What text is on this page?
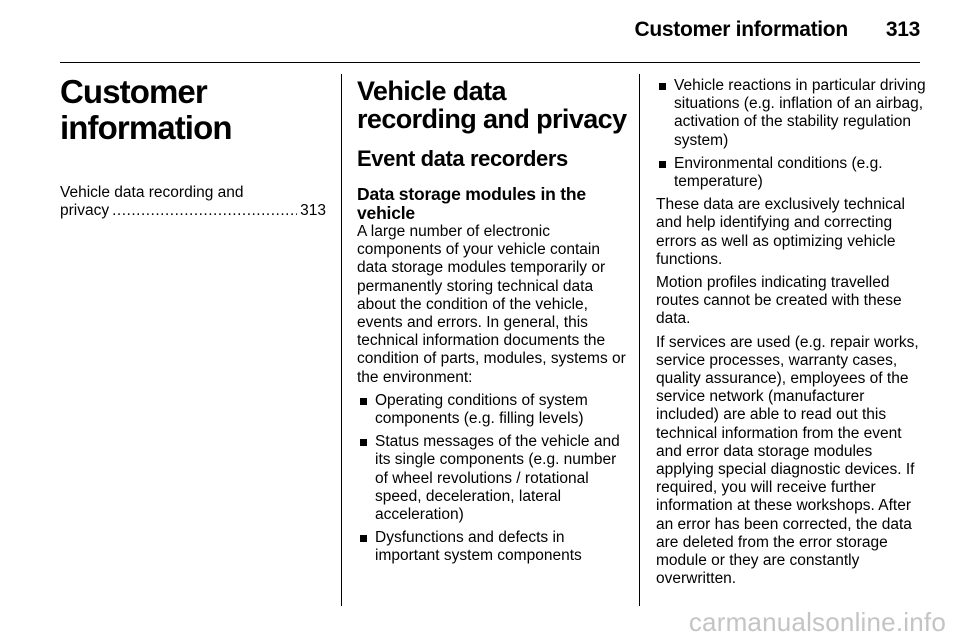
Customer information 313
Customer information
Vehicle data recording and
privacy
.....	313
Vehicle data recording and privacy
Event data recorders
Data storage modules in the vehicle

A large number of electronic components of your vehicle contain data storage modules temporarily or permanently storing technical data about the condition of the vehicle, events and errors. In general, this technical information documents the condition of parts, modules, systems or the environment:

Operating conditions of system components (e.g. filling levels)
Status messages of the vehicle and its single components (e.g. number of wheel revolutions / rotational speed, deceleration, lateral acceleration)
Dysfunctions and defects in important system components
Vehicle reactions in particular driving situations (e.g. inflation of an airbag, activation of the stability regulation system)
Environmental conditions (e.g. temperature)

These data are exclusively technical and help identifying and correcting errors as well as optimizing vehicle functions.

Motion profiles indicating travelled routes cannot be created with these data.

If services are used (e.g. repair works, service processes, warranty cases, quality assurance), employees of the service network (manufacturer included) are able to read out this technical information from the event and error data storage modules applying special diagnostic devices. If required, you will receive further information at these workshops. After an error has been corrected, the data are deleted from the error storage module or they are constantly overwritten.

carmanualsonline.info
